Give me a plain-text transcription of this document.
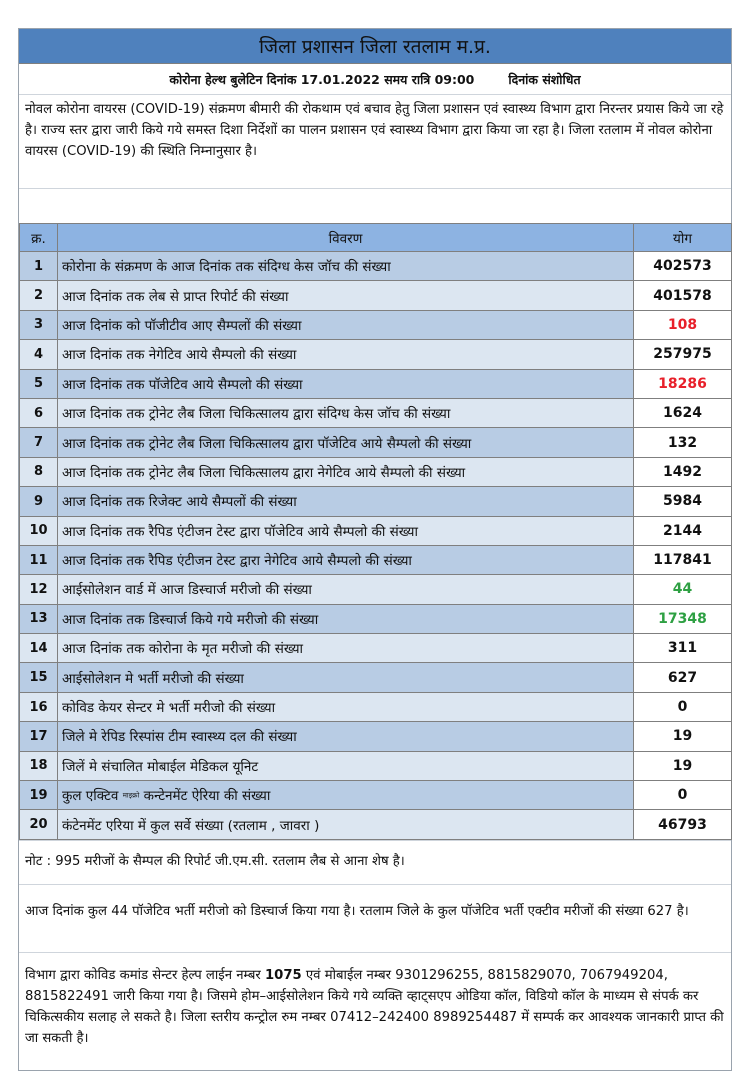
जिला प्रशासन जिला रतलाम म.प्र.
कोरोना हेल्थ बुलेटिन दिनांक 17.01.2022 समय रात्रि 09:00	दिनांक संशोधित
नोवल कोरोना वायरस (COVID-19) संक्रमण बीमारी की रोकथाम एवं बचाव हेतु जिला प्रशासन एवं स्वास्थ्य विभाग द्वारा निरन्तर प्रयास किये जा रहे है। राज्य स्तर द्वारा जारी किये गये समस्त दिशा निर्देशों का पालन प्रशासन एवं स्वास्थ्य विभाग द्वारा किया जा रहा है। जिला रतलाम में नोवल कोरोना वायरस (COVID-19) की स्थिति निम्नानुसार है।
क्र.	विवरण	योग
1	कोरोना के संक्रमण के आज दिनांक तक संदिग्ध केस जॉच की संख्या	402573
2	आज दिनांक तक लेब से प्राप्त रिपोर्ट की संख्या	401578
3	आज दिनांक को पॉजीटीव आए सैम्पलों की संख्या	108
4	आज दिनांक तक नेगेटिव आये सैम्पलो की संख्या	257975
5	आज दिनांक तक पॉजेटिव आये सैम्पलो की संख्या	18286
6	आज दिनांक तक ट्रोनेट लैब जिला चिकित्सालय द्वारा संदिग्ध केस जॉच की संख्या	1624
7	आज दिनांक तक ट्रोनेट लैब जिला चिकित्सालय द्वारा पॉजेटिव आये सैम्पलो की संख्या	132
8	आज दिनांक तक ट्रोनेट लैब जिला चिकित्सालय द्वारा नेगेटिव आये सैम्पलो की संख्या	1492
9	आज दिनांक तक रिजेक्ट आये सैम्पलों की संख्या	5984
10	आज दिनांक तक रैपिड एंटीजन टेस्ट द्वारा पॉजेटिव आये सैम्पलो की संख्या	2144
11	आज दिनांक तक रैपिड एंटीजन टेस्ट द्वारा नेगेटिव आये सैम्पलो की संख्या	117841
12	आईसोलेशन वार्ड में आज डिस्चार्ज मरीजो की संख्या	44
13	आज दिनांक तक डिस्चार्ज किये गये मरीजो की संख्या	17348
14	आज दिनांक तक कोरोना के मृत मरीजो की संख्या	311
15	आईसोलेशन मे भर्ती मरीजो की संख्या	627
16	कोविड केयर सेन्टर मे भर्ती मरीजो की संख्या	0
17	जिले मे रेपिड रिस्पांस टीम स्वास्थ्य दल की संख्या	19
18	जिलें मे संचालित मोबाईल मेडिकल यूनिट	19
19	कुल एक्टिव माइक्रो कन्टेनमेंट ऐरिया की संख्या	0
20	कंटेनमेंट एरिया में कुल सर्वे संख्या (रतलाम , जावरा )	46793
नोट : 995 मरीजों के सैम्पल की रिपोर्ट जी.एम.सी. रतलाम लैब से आना शेष है।
आज दिनांक कुल 44 पॉजेटिव भर्ती मरीजो को डिस्चार्ज किया गया है। रतलाम जिले के कुल पॉजेटिव भर्ती एक्टीव मरीजों की संख्या 627 है।
विभाग द्वारा कोविड कमांड सेन्टर हेल्प लाईन नम्बर 1075 एवं मोबाईल नम्बर 9301296255, 8815829070, 7067949204, 8815822491 जारी किया गया है। जिसमे होम–आईसोलेशन किये गये व्यक्ति व्हाट्सएप ओडिया कॉल, विडियो कॉल के माध्यम से संपर्क कर चिकित्सकीय सलाह ले सकते है। जिला स्तरीय कन्ट्रोल रुम नम्बर 07412–242400 8989254487 में सम्पर्क कर आवश्यक जानकारी प्राप्त की जा सकती है।
